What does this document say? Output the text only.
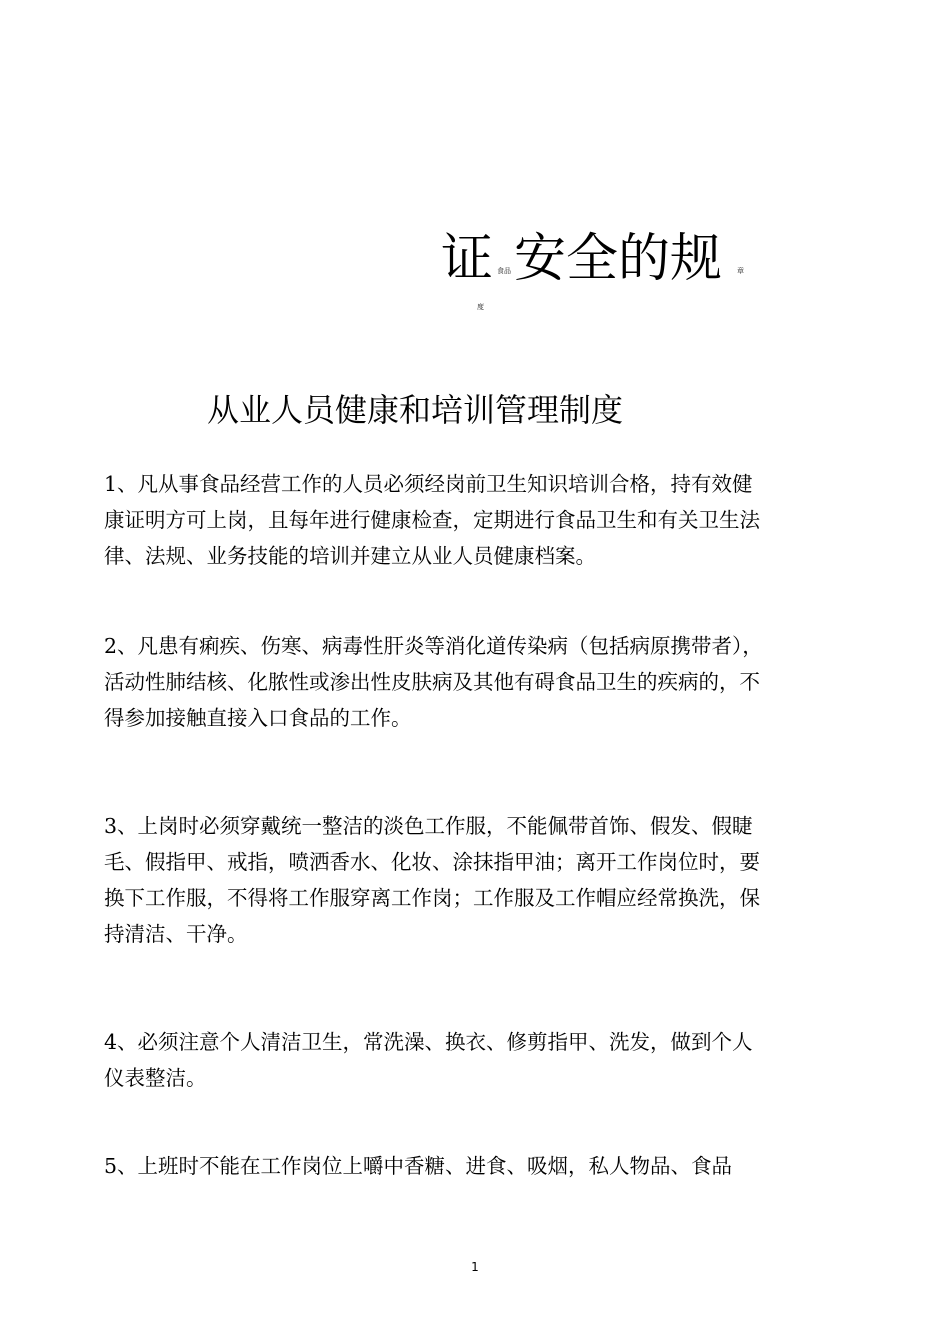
证 食品 安全的规 章
度
从业人员健康和培训管理制度

1、凡从事食品经营工作的人员必须经岗前卫生知识培训合格，持有效健
康证明方可上岗，且每年进行健康检查，定期进行食品卫生和有关卫生法
律、法规、业务技能的培训并建立从业人员健康档案。

2、凡患有痢疾、伤寒、病毒性肝炎等消化道传染病（包括病原携带者），
活动性肺结核、化脓性或渗出性皮肤病及其他有碍食品卫生的疾病的，不
得参加接触直接入口食品的工作。

3、上岗时必须穿戴统一整洁的淡色工作服，不能佩带首饰、假发、假睫
毛、假指甲、戒指，喷洒香水、化妆、涂抹指甲油；离开工作岗位时，要
换下工作服，不得将工作服穿离工作岗；工作服及工作帽应经常换洗，保
持清洁、干净。

4、必须注意个人清洁卫生，常洗澡、换衣、修剪指甲、洗发，做到个人
仪表整洁。

5、上班时不能在工作岗位上嚼中香糖、进食、吸烟，私人物品、食品

1
